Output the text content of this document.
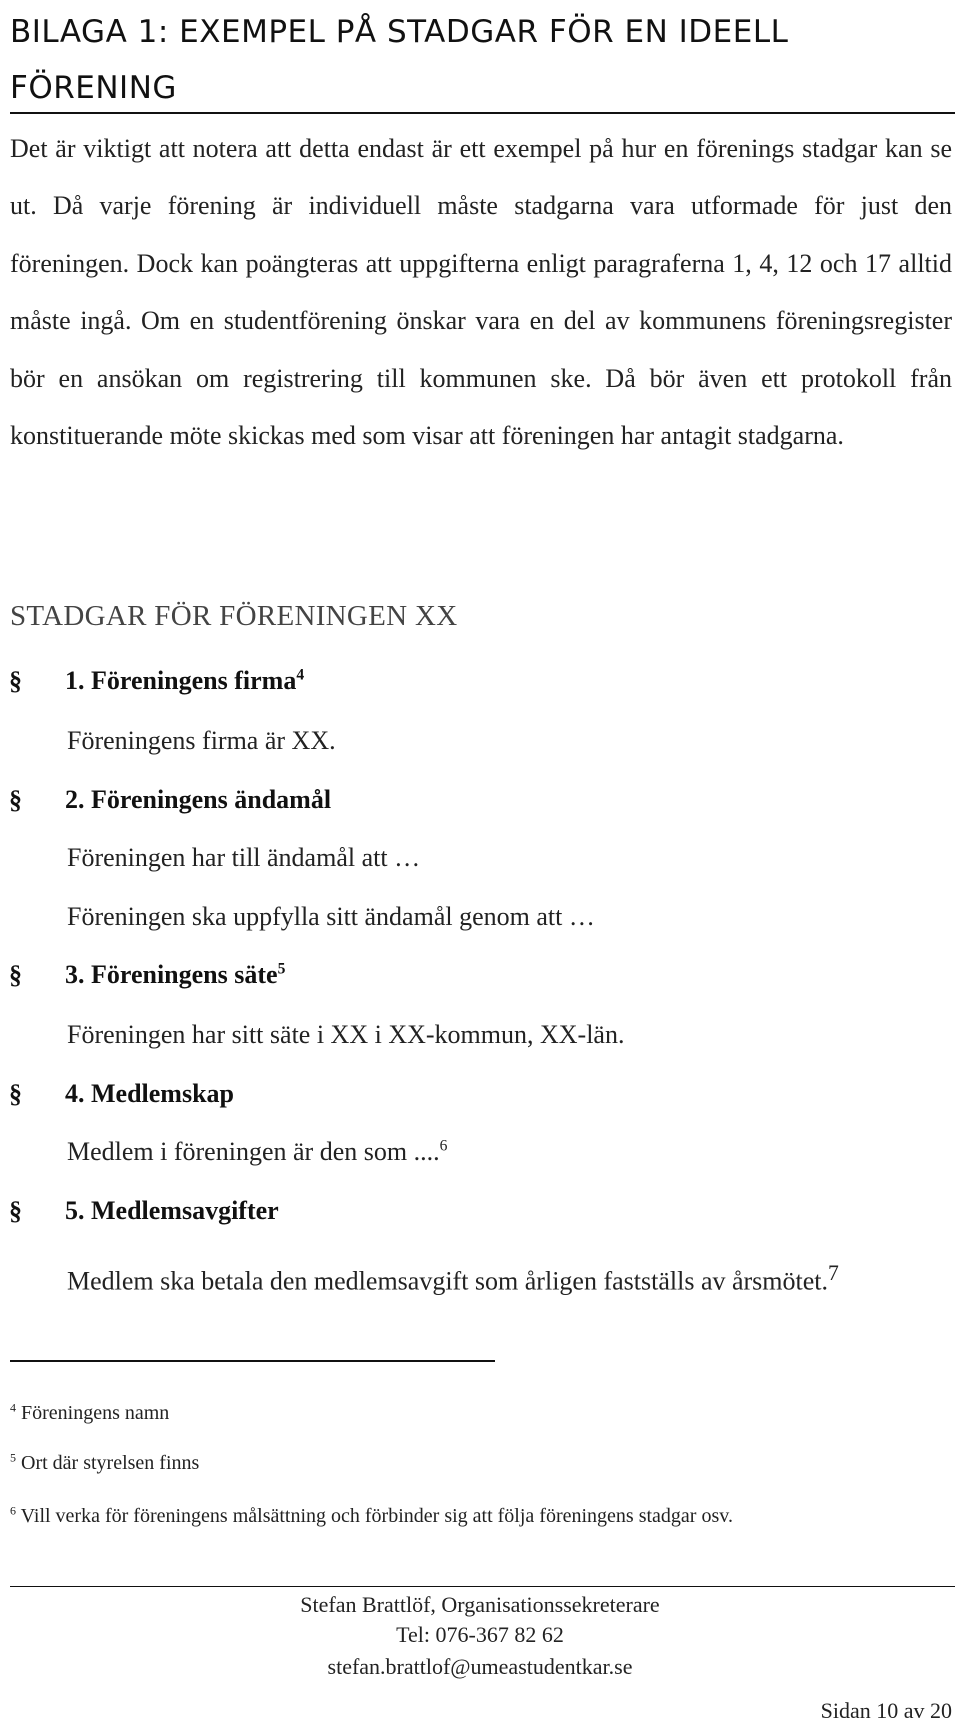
BILAGA 1: EXEMPEL PÅ STADGAR FÖR EN IDEELL FÖRENING
Det är viktigt att notera att detta endast är ett exempel på hur en förenings stadgar kan se ut. Då varje förening är individuell måste stadgarna vara utformade för just den föreningen. Dock kan poängteras att uppgifterna enligt paragraferna 1, 4, 12 och 17 alltid måste ingå. Om en studentförening önskar vara en del av kommunens föreningsregister bör en ansökan om registrering till kommunen ske. Då bör även ett protokoll från konstituerande möte skickas med som visar att föreningen har antagit stadgarna.
STADGAR FÖR FÖRENINGEN XX
§ 1. Föreningens firma$^4$
Föreningens firma är XX.
§ 2. Föreningens ändamål
Föreningen har till ändamål att …
Föreningen ska uppfylla sitt ändamål genom att …
§ 3. Föreningens säte$^5$
Föreningen har sitt säte i XX i XX-kommun, XX-län.
§ 4. Medlemskap
Medlem i föreningen är den som ....$^6$
§ 5. Medlemsavgifter
Medlem ska betala den medlemsavgift som årligen fastställs av årsmötet.$^7$
$^4$ Föreningens namn
$^5$ Ort där styrelsen finns
$^6$ Vill verka för föreningens målsättning och förbinder sig att följa föreningens stadgar osv.
Stefan Brattlöf, Organisationssekreterare
Tel: 076-367 82 62
stefan.brattlof@umeastudentkar.se
Sidan 10 av 20
